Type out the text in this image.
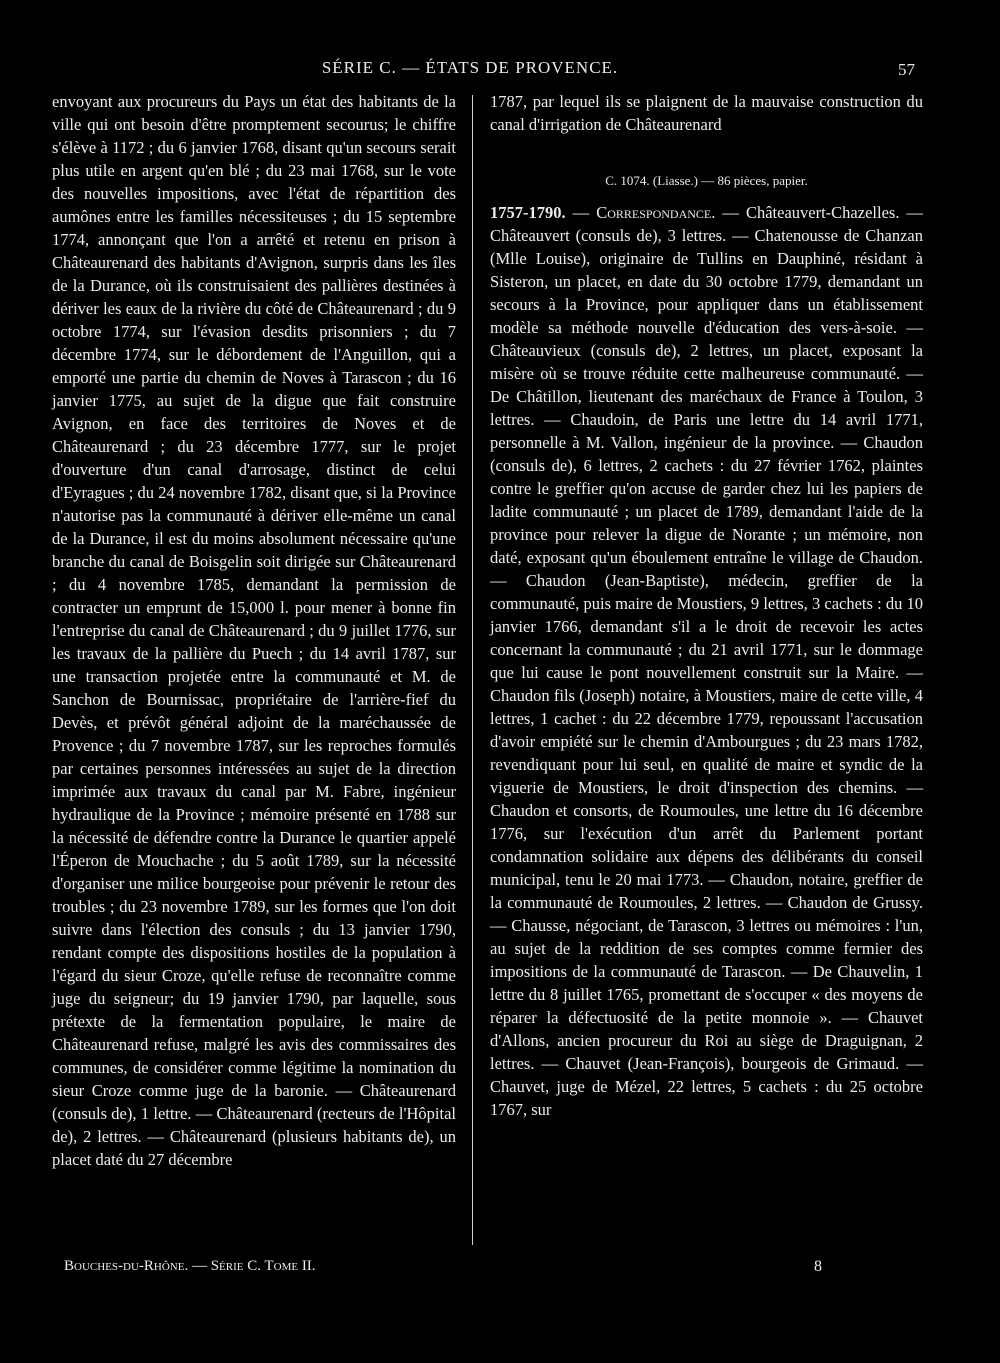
SÉRIE C. — ÉTATS DE PROVENCE.	57

envoyant aux procureurs du Pays un état des habitants de la ville qui ont besoin d'être promptement secourus; le chiffre s'élève à 1172 ; du 6 janvier 1768, disant qu'un secours serait plus utile en argent qu'en blé ; du 23 mai 1768, sur le vote des nouvelles impositions, avec l'état de répartition des aumônes entre les familles nécessiteuses ; du 15 septembre 1774, annonçant que l'on a arrêté et retenu en prison à Châteaurenard des habitants d'Avignon, surpris dans les îles de la Durance, où ils construisaient des pallières destinées à dériver les eaux de la rivière du côté de Châteaurenard ; du 9 octobre 1774, sur l'évasion desdits prisonniers ; du 7 décembre 1774, sur le débordement de l'Anguillon, qui a emporté une partie du chemin de Noves à Tarascon ; du 16 janvier 1775, au sujet de la digue que fait construire Avignon, en face des territoires de Noves et de Châteaurenard ; du 23 décembre 1777, sur le projet d'ouverture d'un canal d'arrosage, distinct de celui d'Eyragues ; du 24 novembre 1782, disant que, si la Province n'autorise pas la communauté à dériver elle-même un canal de la Durance, il est du moins absolument nécessaire qu'une branche du canal de Boisgelin soit dirigée sur Châteaurenard ; du 4 novembre 1785, demandant la permission de contracter un emprunt de 15,000 l. pour mener à bonne fin l'entreprise du canal de Châteaurenard ; du 9 juillet 1776, sur les travaux de la pallière du Puech ; du 14 avril 1787, sur une transaction projetée entre la communauté et M. de Sanchon de Bournissac, propriétaire de l'arrière-fief du Devès, et prévôt général adjoint de la maréchaussée de Provence ; du 7 novembre 1787, sur les reproches formulés par certaines personnes intéressées au sujet de la direction imprimée aux travaux du canal par M. Fabre, ingénieur hydraulique de la Province ; mémoire présenté en 1788 sur la nécessité de défendre contre la Durance le quartier appelé l'Éperon de Mouchache ; du 5 août 1789, sur la nécessité d'organiser une milice bourgeoise pour prévenir le retour des troubles ; du 23 novembre 1789, sur les formes que l'on doit suivre dans l'élection des consuls ; du 13 janvier 1790, rendant compte des dispositions hostiles de la population à l'égard du sieur Croze, qu'elle refuse de reconnaître comme juge du seigneur; du 19 janvier 1790, par laquelle, sous prétexte de la fermentation populaire, le maire de Châteaurenard refuse, malgré les avis des commissaires des communes, de considérer comme légitime la nomination du sieur Croze comme juge de la baronie. — Châteaurenard (consuls de), 1 lettre. — Châteaurenard (recteurs de l'Hôpital de), 2 lettres. — Châteaurenard (plusieurs habitants de), un placet daté du 27 décembre

1787, par lequel ils se plaignent de la mauvaise construction du canal d'irrigation de Châteaurenard

C. 1074. (Liasse.) — 86 pièces, papier.

1757-1790. — Correspondance. — Châteauvert-Chazelles. — Châteauvert (consuls de), 3 lettres. — Chatenousse de Chanzan (Mlle Louise), originaire de Tullins en Dauphiné, résidant à Sisteron, un placet, en date du 30 octobre 1779, demandant un secours à la Province, pour appliquer dans un établissement modèle sa méthode nouvelle d'éducation des vers-à-soie. — Châteauvieux (consuls de), 2 lettres, un placet, exposant la misère où se trouve réduite cette malheureuse communauté. — De Châtillon, lieutenant des maréchaux de France à Toulon, 3 lettres. — Chaudoin, de Paris une lettre du 14 avril 1771, personnelle à M. Vallon, ingénieur de la province. — Chaudon (consuls de), 6 lettres, 2 cachets : du 27 février 1762, plaintes contre le greffier qu'on accuse de garder chez lui les papiers de ladite communauté ; un placet de 1789, demandant l'aide de la province pour relever la digue de Norante ; un mémoire, non daté, exposant qu'un éboulement entraîne le village de Chaudon. — Chaudon (Jean-Baptiste), médecin, greffier de la communauté, puis maire de Moustiers, 9 lettres, 3 cachets : du 10 janvier 1766, demandant s'il a le droit de recevoir les actes concernant la communauté ; du 21 avril 1771, sur le dommage que lui cause le pont nouvellement construit sur la Maire. — Chaudon fils (Joseph) notaire, à Moustiers, maire de cette ville, 4 lettres, 1 cachet : du 22 décembre 1779, repoussant l'accusation d'avoir empiété sur le chemin d'Ambourgues ; du 23 mars 1782, revendiquant pour lui seul, en qualité de maire et syndic de la viguerie de Moustiers, le droit d'inspection des chemins. — Chaudon et consorts, de Roumoules, une lettre du 16 décembre 1776, sur l'exécution d'un arrêt du Parlement portant condamnation solidaire aux dépens des délibérants du conseil municipal, tenu le 20 mai 1773. — Chaudon, notaire, greffier de la communauté de Roumoules, 2 lettres. — Chaudon de Grussy. — Chausse, négociant, de Tarascon, 3 lettres ou mémoires : l'un, au sujet de la reddition de ses comptes comme fermier des impositions de la communauté de Tarascon. — De Chauvelin, 1 lettre du 8 juillet 1765, promettant de s'occuper « des moyens de réparer la défectuosité de la petite monnoie ». — Chauvet d'Allons, ancien procureur du Roi au siège de Draguignan, 2 lettres. — Chauvet (Jean-François), bourgeois de Grimaud. — Chauvet, juge de Mézel, 22 lettres, 5 cachets : du 25 octobre 1767, sur

Bouches-du-Rhône. — Série C. Tome II.	8
